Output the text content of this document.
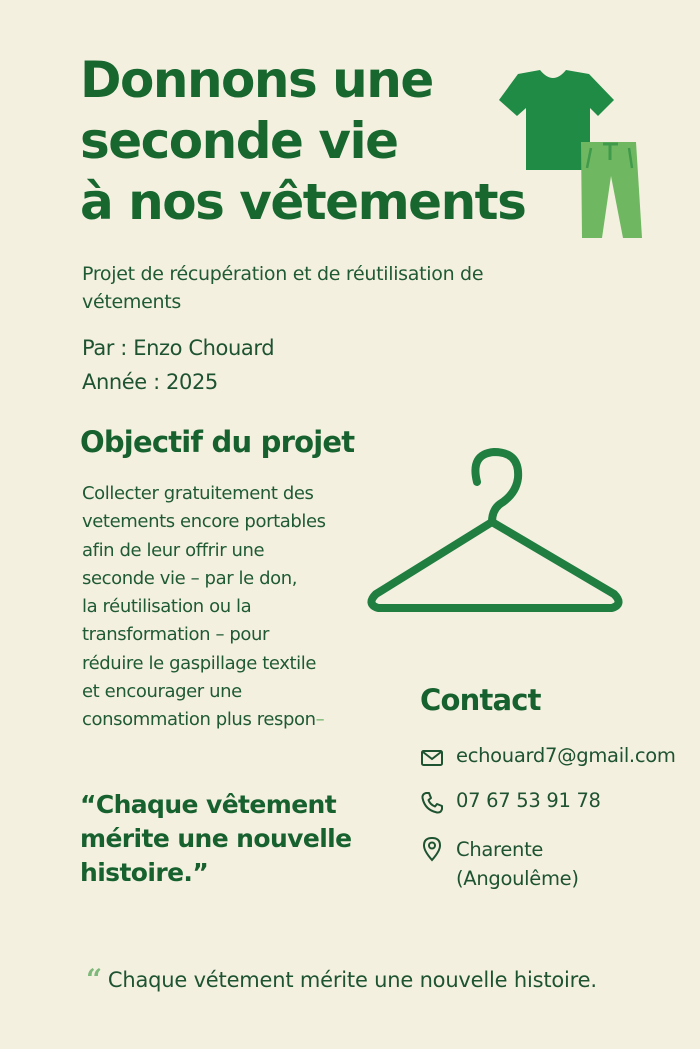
Donnons une
seconde vie
à nos vêtements
Projet de récupération et de réutilisation de vétements
Par : Enzo Chouard
Année : 2025
Objectif du projet
Collecter gratuitement des
vetements encore portables
afin de leur offrir une
seconde vie – par le don,
la réutilisation ou la
transformation – pour
réduire le gaspillage textile
et encourager une
consommation plus respon–
“Chaque vêtement
mérite une nouvelle
histoire.”
Contact
echouard7@gmail.com
07 67 53 91 78
Charente
(Angoulême)
“ Chaque vétement mérite une nouvelle histoire.
